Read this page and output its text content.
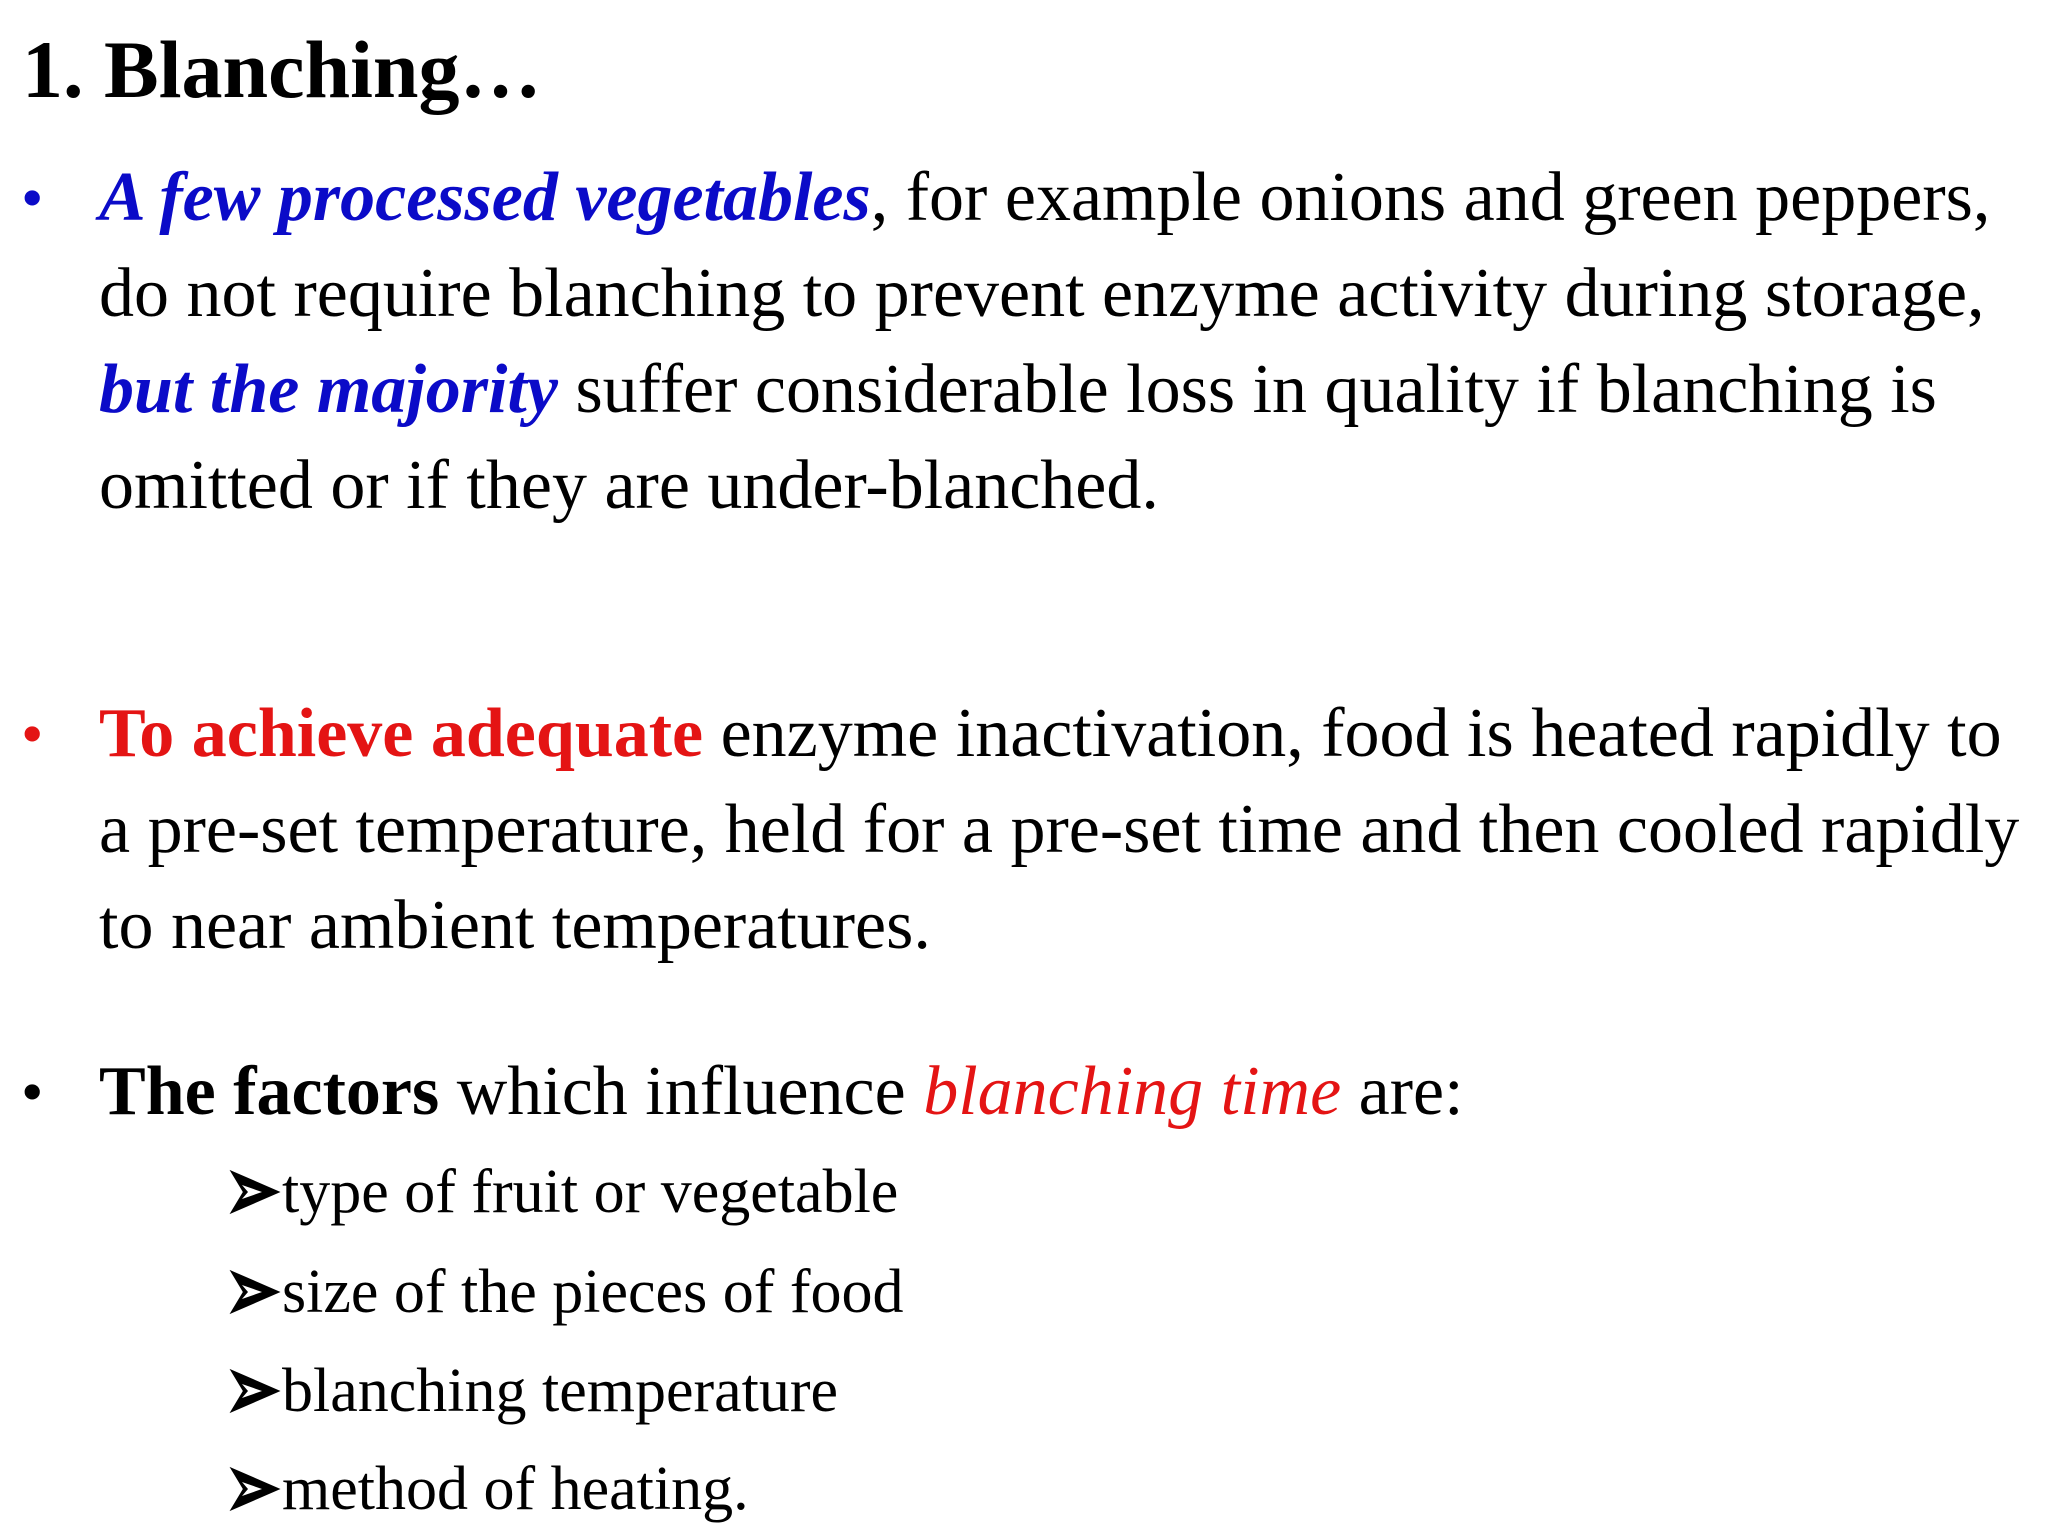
1. Blanching…
• A few processed vegetables, for example onions and green peppers, do not require blanching to prevent enzyme activity during storage, but the majority suffer considerable loss in quality if blanching is omitted or if they are under-blanched.
• To achieve adequate enzyme inactivation, food is heated rapidly to a pre-set temperature, held for a pre-set time and then cooled rapidly to near ambient temperatures.
• The factors which influence blanching time are:
type of fruit or vegetable
size of the pieces of food
blanching temperature
method of heating.
